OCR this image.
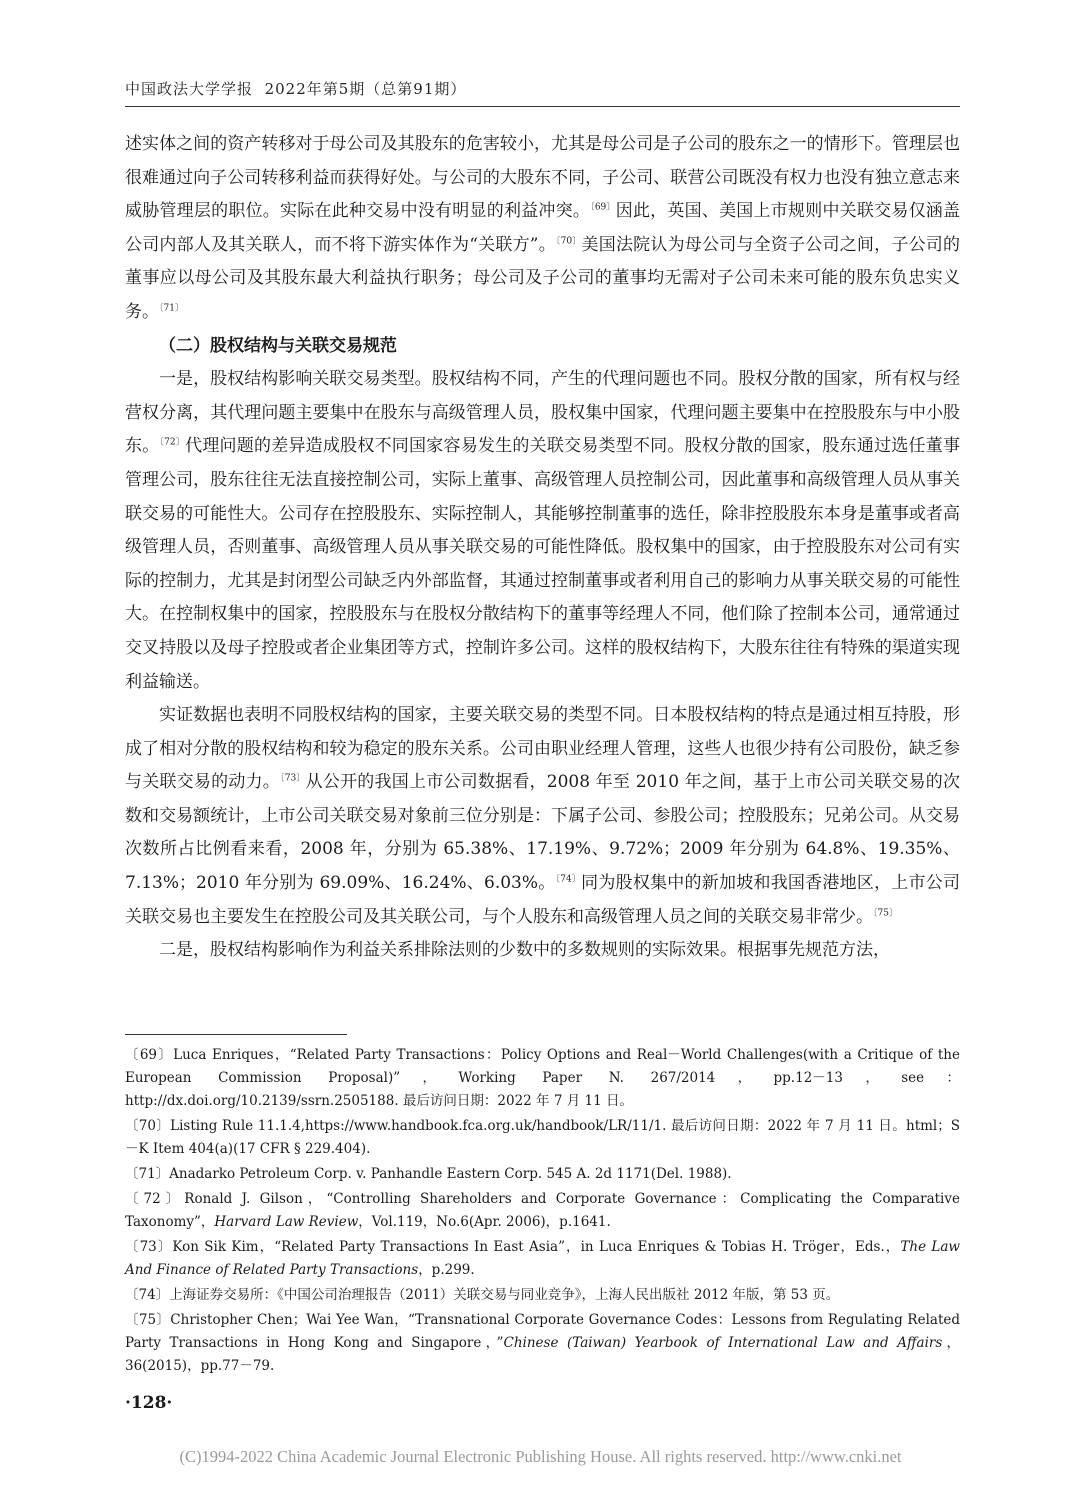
中国政法大学学报 2022年第5期（总第91期）

述实体之间的资产转移对于母公司及其股东的危害较小，尤其是母公司是子公司的股东之一的情形下。管理层也很难通过向子公司转移利益而获得好处。与公司的大股东不同，子公司、联营公司既没有权力也没有独立意志来威胁管理层的职位。实际在此种交易中没有明显的利益冲突。$^{〔69〕}$因此，英国、美国上市规则中关联交易仅涵盖公司内部人及其关联人，而不将下游实体作为“关联方”。$^{〔70〕}$美国法院认为母公司与全资子公司之间，子公司的董事应以母公司及其股东最大利益执行职务；母公司及子公司的董事均无需对子公司未来可能的股东负忠实义务。$^{〔71〕}$

（二）股权结构与关联交易规范

一是，股权结构影响关联交易类型。股权结构不同，产生的代理问题也不同。股权分散的国家，所有权与经营权分离，其代理问题主要集中在股东与高级管理人员，股权集中国家，代理问题主要集中在控股股东与中小股东。$^{〔72〕}$代理问题的差异造成股权不同国家容易发生的关联交易类型不同。股权分散的国家，股东通过选任董事管理公司，股东往往无法直接控制公司，实际上董事、高级管理人员控制公司，因此董事和高级管理人员从事关联交易的可能性大。公司存在控股股东、实际控制人，其能够控制董事的选任，除非控股股东本身是董事或者高级管理人员，否则董事、高级管理人员从事关联交易的可能性降低。股权集中的国家，由于控股股东对公司有实际的控制力，尤其是封闭型公司缺乏内外部监督，其通过控制董事或者利用自己的影响力从事关联交易的可能性大。在控制权集中的国家，控股股东与在股权分散结构下的董事等经理人不同，他们除了控制本公司，通常通过交叉持股以及母子控股或者企业集团等方式，控制许多公司。这样的股权结构下，大股东往往有特殊的渠道实现利益输送。

实证数据也表明不同股权结构的国家，主要关联交易的类型不同。日本股权结构的特点是通过相互持股，形成了相对分散的股权结构和较为稳定的股东关系。公司由职业经理人管理，这些人也很少持有公司股份，缺乏参与关联交易的动力。$^{〔73〕}$从公开的我国上市公司数据看，2008 年至 2010 年之间，基于上市公司关联交易的次数和交易额统计，上市公司关联交易对象前三位分别是：下属子公司、参股公司；控股股东；兄弟公司。从交易次数所占比例看来看，2008 年，分别为 65.38%、17.19%、9.72%；2009 年分别为 64.8%、19.35%、7.13%；2010 年分别为 69.09%、16.24%、6.03%。$^{〔74〕}$同为股权集中的新加坡和我国香港地区，上市公司关联交易也主要发生在控股公司及其关联公司，与个人股东和高级管理人员之间的关联交易非常少。$^{〔75〕}$

二是，股权结构影响作为利益关系排除法则的少数中的多数规则的实际效果。根据事先规范方法，

〔69〕Luca Enriques，“Related Party Transactions：Policy Options and Real－World Challenges(with a Critique of the European Commission Proposal)”，Working Paper N. 267/2014，pp.12－13，see：http://dx.doi.org/10.2139/ssrn.2505188. 最后访问日期：2022 年 7 月 11 日。

〔70〕Listing Rule 11.1.4,https://www.handbook.fca.org.uk/handbook/LR/11/1. 最后访问日期：2022 年 7 月 11 日。html；S－K Item 404(a)(17 CFR § 229.404).

〔71〕Anadarko Petroleum Corp. v. Panhandle Eastern Corp. 545 A. 2d 1171(Del. 1988).

〔72〕Ronald J. Gilson，“Controlling Shareholders and Corporate Governance：Complicating the Comparative Taxonomy”，Harvard Law Review，Vol.119，No.6(Apr. 2006)，p.1641.

〔73〕Kon Sik Kim，“Related Party Transactions In East Asia”，in Luca Enriques & Tobias H. Tröger，Eds.，The Law And Finance of Related Party Transactions，p.299.

〔74〕上海证券交易所：《中国公司治理报告（2011）关联交易与同业竞争》，上海人民出版社 2012 年版，第 53 页。

〔75〕Christopher Chen；Wai Yee Wan，“Transnational Corporate Governance Codes：Lessons from Regulating Related Party Transactions in Hong Kong and Singapore，”Chinese (Taiwan) Yearbook of International Law and Affairs，36(2015)，pp.77－79.

·128·
(C)1994-2022 China Academic Journal Electronic Publishing House. All rights reserved. http://www.cnki.net
